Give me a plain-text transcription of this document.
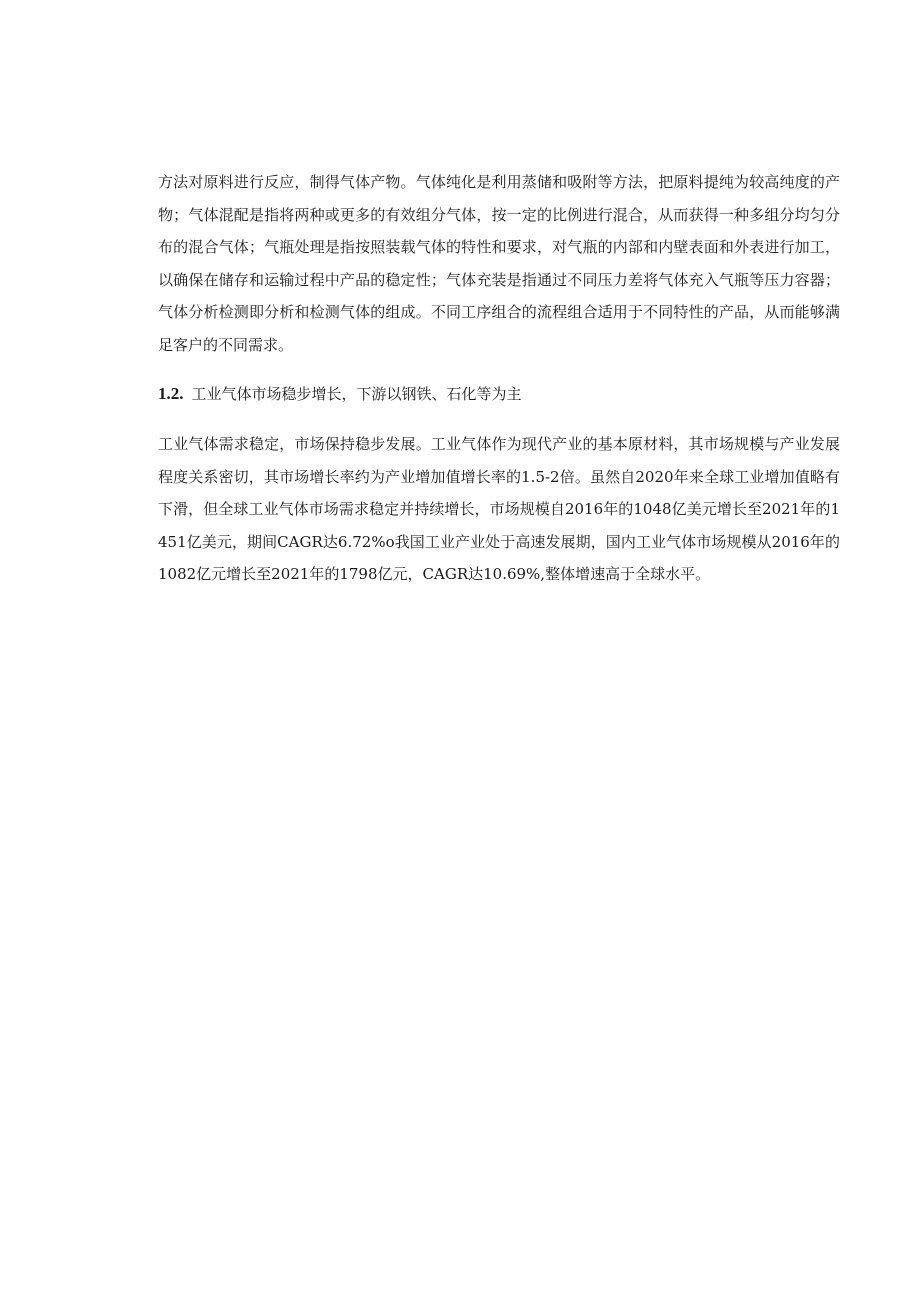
方法对原料进行反应，制得气体产物。气体纯化是利用蒸储和吸附等方法，把原料提纯为较高纯度的产物；气体混配是指将两种或更多的有效组分气体，按一定的比例进行混合，从而获得一种多组分均匀分布的混合气体；气瓶处理是指按照装载气体的特性和要求，对气瓶的内部和内壁表面和外表进行加工，以确保在储存和运输过程中产品的稳定性；气体充装是指通过不同压力差将气体充入气瓶等压力容器；气体分析检测即分析和检测气体的组成。不同工序组合的流程组合适用于不同特性的产品，从而能够满足客户的不同需求。

1.2. 工业气体市场稳步增长，下游以钢铁、石化等为主

工业气体需求稳定，市场保持稳步发展。工业气体作为现代产业的基本原材料，其市场规模与产业发展程度关系密切，其市场增长率约为产业增加值增长率的1.5-2倍。虽然自2020年来全球工业增加值略有下滑，但全球工业气体市场需求稳定并持续增长，市场规模自2016年的1048亿美元增长至2021年的1451亿美元，期间CAGR达6.72%o我国工业产业处于高速发展期，国内工业气体市场规模从2016年的1082亿元增长至2021年的1798亿元，CAGR达10.69%,整体增速高于全球水平。
